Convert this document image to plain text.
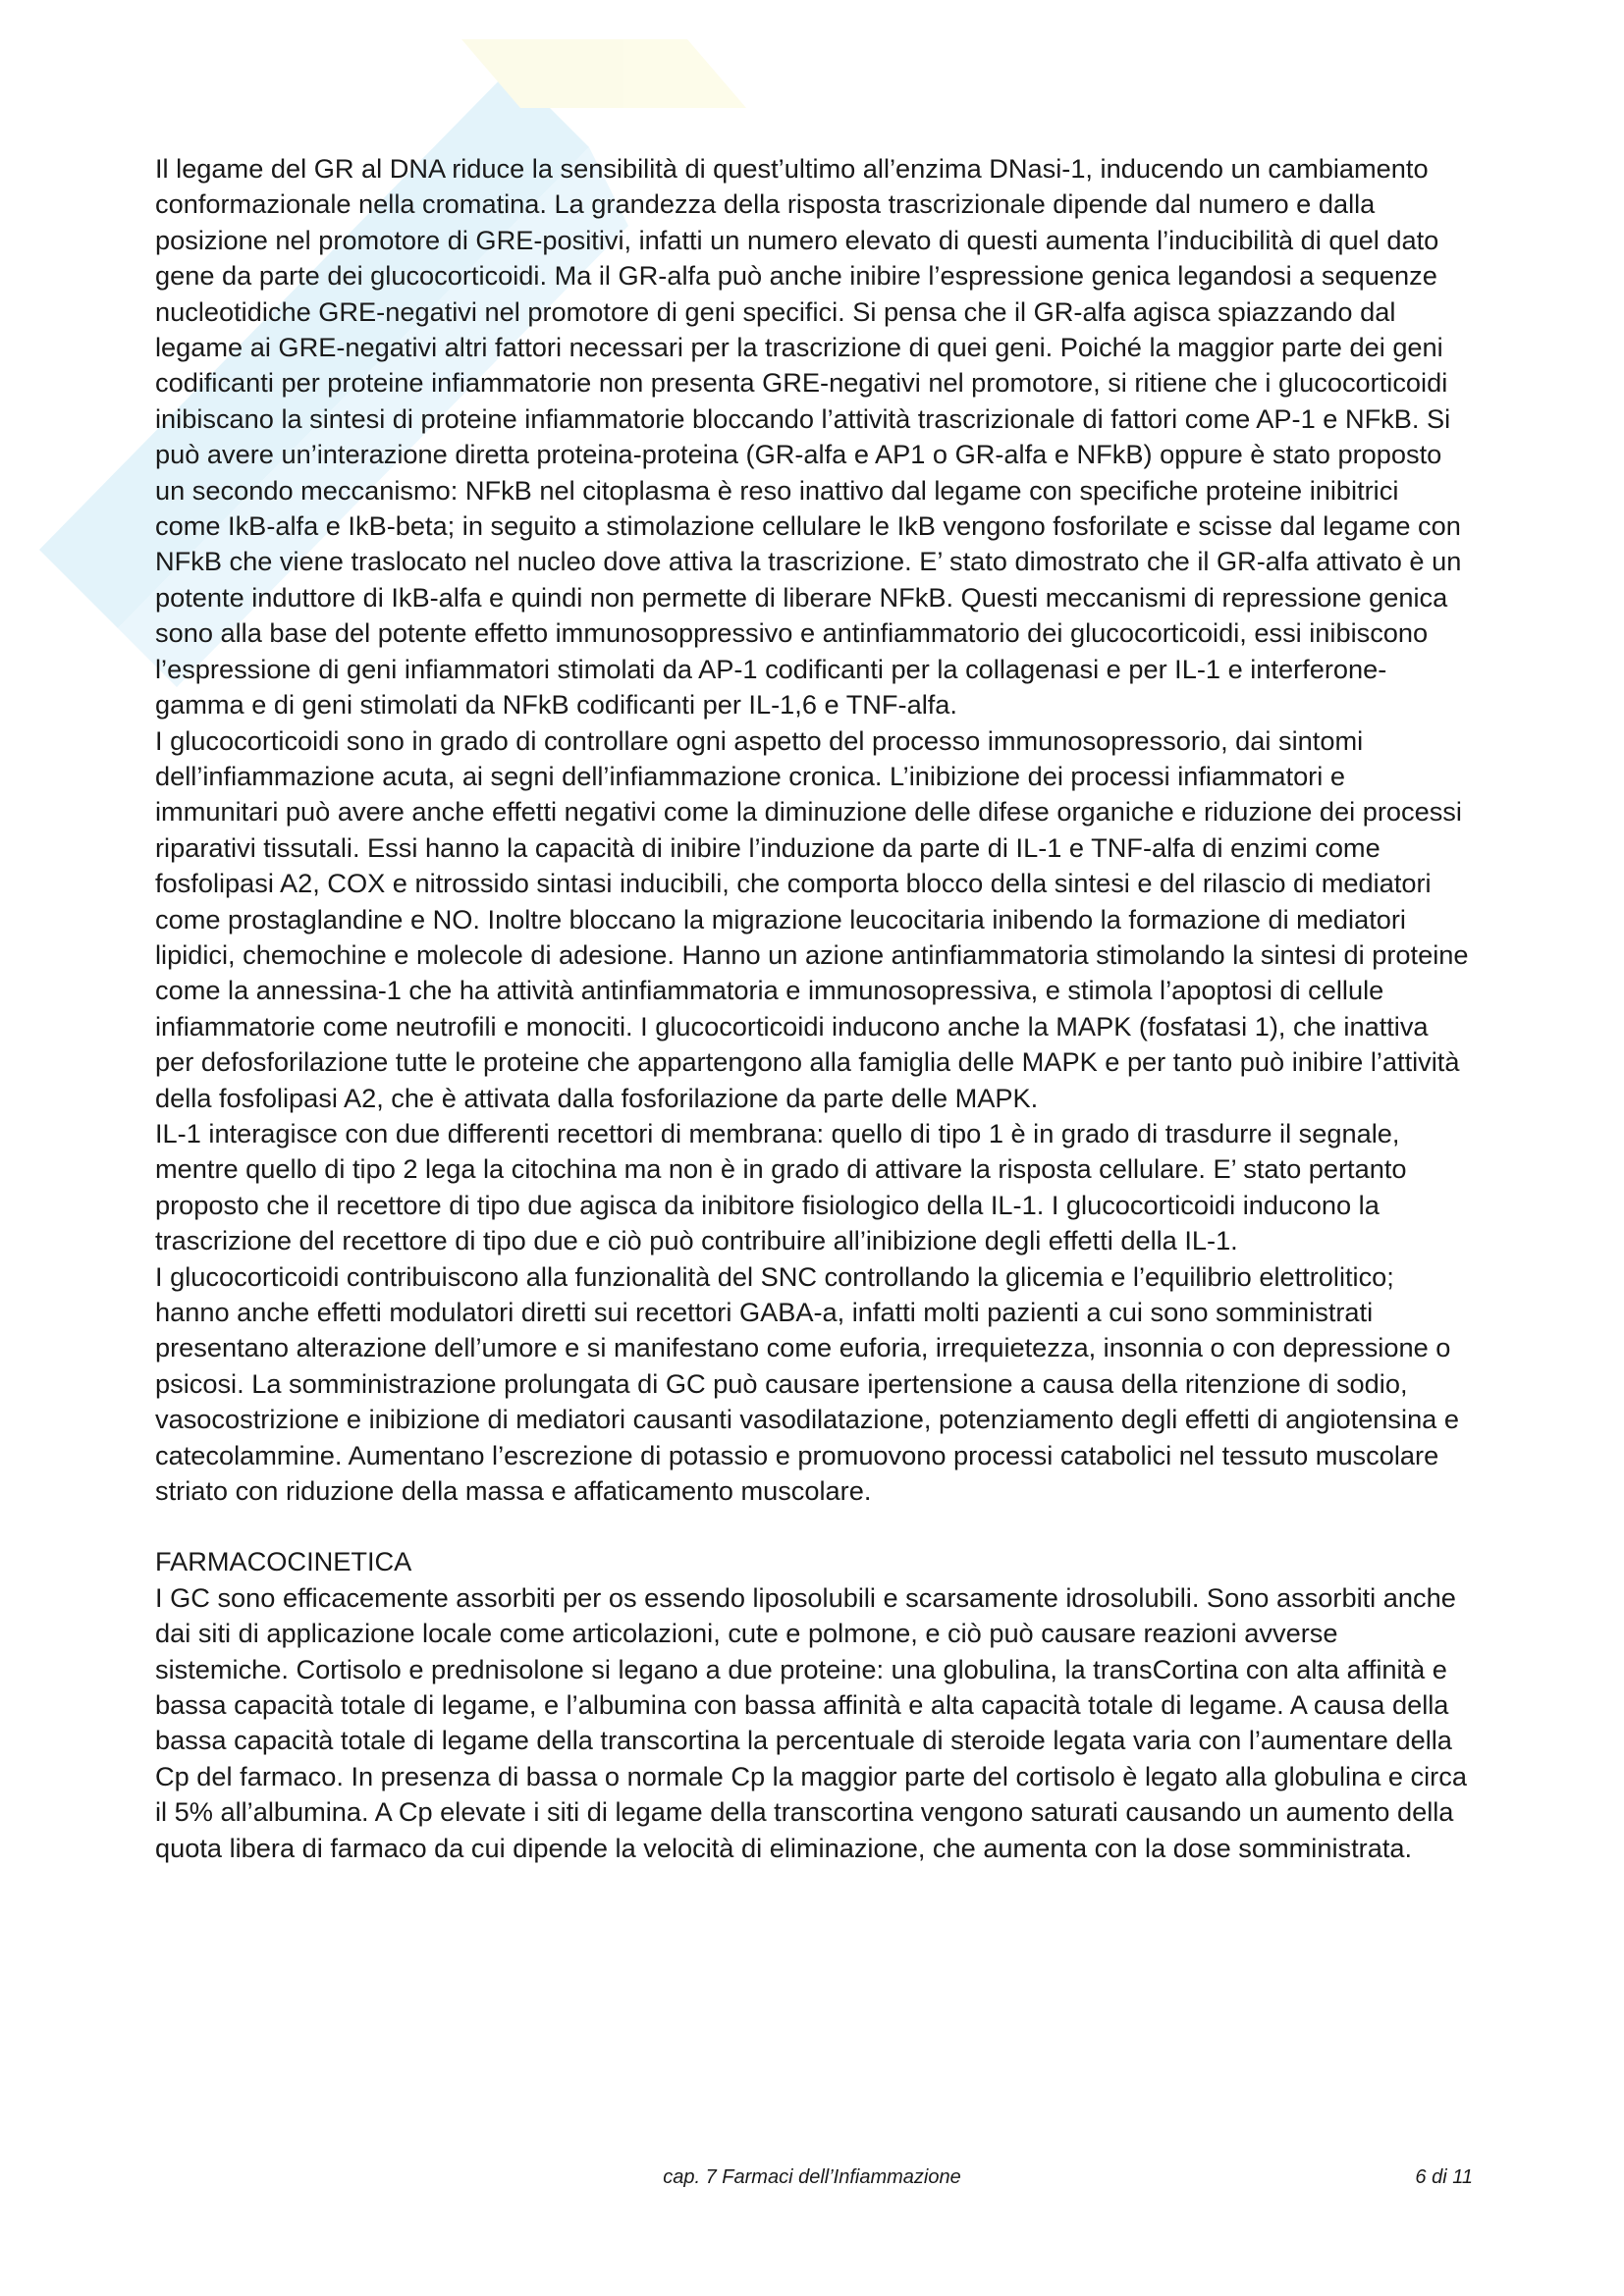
Il legame del GR al DNA riduce la sensibilità di quest’ultimo all’enzima DNasi-1, inducendo un cambiamento conformazionale nella cromatina. La grandezza della risposta trascrizionale dipende dal numero e dalla posizione nel promotore di GRE-positivi, infatti un numero elevato di questi aumenta l’inducibilità di quel dato gene da parte dei glucocorticoidi. Ma il GR-alfa può anche inibire l’espressione genica legandosi a sequenze nucleotidiche GRE-negativi nel promotore di geni specifici. Si pensa che il GR-alfa agisca spiazzando dal legame ai GRE-negativi altri fattori necessari per la trascrizione di quei geni. Poiché la maggior parte dei geni codificanti per proteine infiammatorie non presenta GRE-negativi nel promotore, si ritiene che i glucocorticoidi inibiscano la sintesi di proteine infiammatorie bloccando l’attività trascrizionale di fattori come AP-1 e NFkB. Si può avere un’interazione diretta proteina-proteina (GR-alfa e AP1 o GR-alfa e NFkB) oppure è stato proposto un secondo meccanismo: NFkB nel citoplasma è reso inattivo dal legame con specifiche proteine inibitrici come IkB-alfa e IkB-beta; in seguito a stimolazione cellulare le IkB vengono fosforilate e scisse dal legame con NFkB che viene traslocato nel nucleo dove attiva la trascrizione. E’ stato dimostrato che il GR-alfa attivato è un potente induttore di IkB-alfa e quindi non permette di liberare NFkB. Questi meccanismi di repressione genica sono alla base del potente effetto immunosoppressivo e antinfiammatorio dei glucocorticoidi, essi inibiscono l’espressione di geni infiammatori stimolati da AP-1 codificanti per la collagenasi e per IL-1 e interferone-gamma e di geni stimolati da NFkB codificanti per IL-1,6 e TNF-alfa.

I glucocorticoidi sono in grado di controllare ogni aspetto del processo immunosopressorio, dai sintomi dell’infiammazione acuta, ai segni dell’infiammazione cronica. L’inibizione dei processi infiammatori e immunitari può avere anche effetti negativi come la diminuzione delle difese organiche e riduzione dei processi riparativi tissutali. Essi hanno la capacità di inibire l’induzione da parte di IL-1 e TNF-alfa di enzimi come fosfolipasi A2, COX e nitrossido sintasi inducibili, che comporta blocco della sintesi e del rilascio di mediatori come prostaglandine e NO. Inoltre bloccano la migrazione leucocitaria inibendo la formazione di mediatori lipidici, chemochine e molecole di adesione. Hanno un azione antinfiammatoria stimolando la sintesi di proteine come la annessina-1 che ha attività antinfiammatoria e immunosopressiva, e stimola l’apoptosi di cellule infiammatorie come neutrofili e monociti. I glucocorticoidi inducono anche la MAPK (fosfatasi 1), che inattiva per defosforilazione tutte le proteine che appartengono alla famiglia delle MAPK e per tanto può inibire l’attività della fosfolipasi A2, che è attivata dalla fosforilazione da parte delle MAPK.

IL-1 interagisce con due differenti recettori di membrana: quello di tipo 1 è in grado di trasdurre il segnale, mentre quello di tipo 2 lega la citochina ma non è in grado di attivare la risposta cellulare. E’ stato pertanto proposto che il recettore di tipo due agisca da inibitore fisiologico della IL-1. I glucocorticoidi inducono la trascrizione del recettore di tipo due e ciò può contribuire all’inibizione degli effetti della IL-1.

I glucocorticoidi contribuiscono alla funzionalità del SNC controllando la glicemia e l’equilibrio elettrolitico; hanno anche effetti modulatori diretti sui recettori GABA-a, infatti molti pazienti a cui sono somministrati presentano alterazione dell’umore e si manifestano come euforia, irrequietezza, insonnia o con depressione o psicosi. La somministrazione prolungata di GC può causare ipertensione a causa della ritenzione di sodio, vasocostrizione e inibizione di mediatori causanti vasodilatazione, potenziamento degli effetti di angiotensina e catecolammine. Aumentano l’escrezione di potassio e promuovono processi catabolici nel tessuto muscolare striato con riduzione della massa e affaticamento muscolare.

FARMACOCINETICA

I GC sono efficacemente assorbiti per os essendo liposolubili e scarsamente idrosolubili. Sono assorbiti anche dai siti di applicazione locale come articolazioni, cute e polmone, e ciò può causare reazioni avverse sistemiche. Cortisolo e prednisolone si legano a due proteine: una globulina, la transCortina con alta affinità e bassa capacità totale di legame, e l’albumina con bassa affinità e alta capacità totale di legame. A causa della bassa capacità totale di legame della transcortina la percentuale di steroide legata varia con l’aumentare della Cp del farmaco. In presenza di bassa o normale Cp la maggior parte del cortisolo è legato alla globulina e circa il 5% all’albumina. A Cp elevate i siti di legame della transcortina vengono saturati causando un aumento della quota libera di farmaco da cui dipende la velocità di eliminazione, che aumenta con la dose somministrata.

cap. 7 Farmaci dell’Infiammazione	6 di 11
